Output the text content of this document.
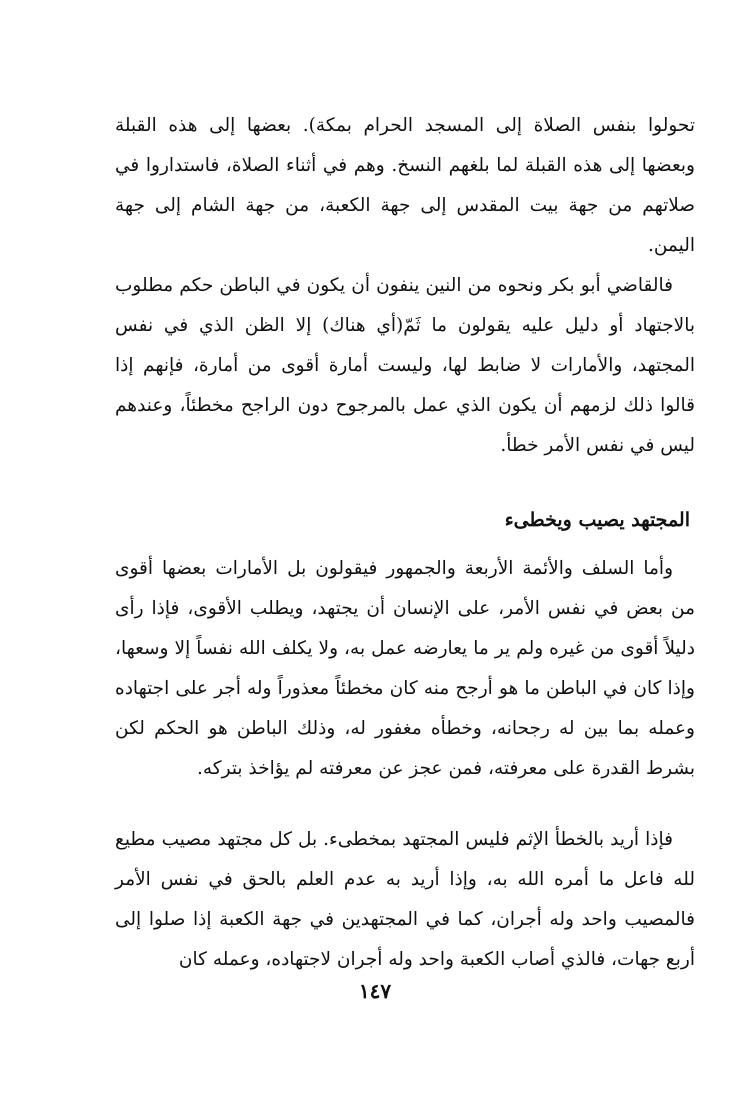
تحولوا بنفس الصلاة إلى المسجد الحرام بمكة). بعضها إلى هذه القبلة وبعضها إلى هذه القبلة لما بلغهم النسخ. وهم في أثناء الصلاة، فاستداروا في صلاتهم من جهة بيت المقدس إلى جهة الكعبة، من جهة الشام إلى جهة اليمن.

فالقاضي أبو بكر ونحوه من النين ينفون أن يكون في الباطن حكم مطلوب بالاجتهاد أو دليل عليه يقولون ما ثَمّ(أي هناك) إلا الظن الذي في نفس المجتهد، والأمارات لا ضابط لها، وليست أمارة أقوى من أمارة، فإنهم إذا قالوا ذلك لزمهم أن يكون الذي عمل بالمرجوح دون الراجح مخطئاً، وعندهم ليس في نفس الأمر خطأ.

المجتهد يصيب ويخطىء

وأما السلف والأئمة الأربعة والجمهور فيقولون بل الأمارات بعضها أقوى من بعض في نفس الأمر، على الإنسان أن يجتهد، ويطلب الأقوى، فإذا رأى دليلاً أقوى من غيره ولم ير ما يعارضه عمل به، ولا يكلف الله نفساً إلا وسعها، وإذا كان في الباطن ما هو أرجح منه كان مخطئاً معذوراً وله أجر على اجتهاده وعمله بما بين له رجحانه، وخطأه مغفور له، وذلك الباطن هو الحكم لكن بشرط القدرة على معرفته، فمن عجز عن معرفته لم يؤاخذ بتركه.

فإذا أريد بالخطأ الإثم فليس المجتهد بمخطىء. بل كل مجتهد مصيب مطيع لله فاعل ما أمره الله به، وإذا أريد به عدم العلم بالحق في نفس الأمر فالمصيب واحد وله أجران، كما في المجتهدين في جهة الكعبة إذا صلوا إلى أربع جهات، فالذي أصاب الكعبة واحد وله أجران لاجتهاده، وعمله كان

١٤٧
